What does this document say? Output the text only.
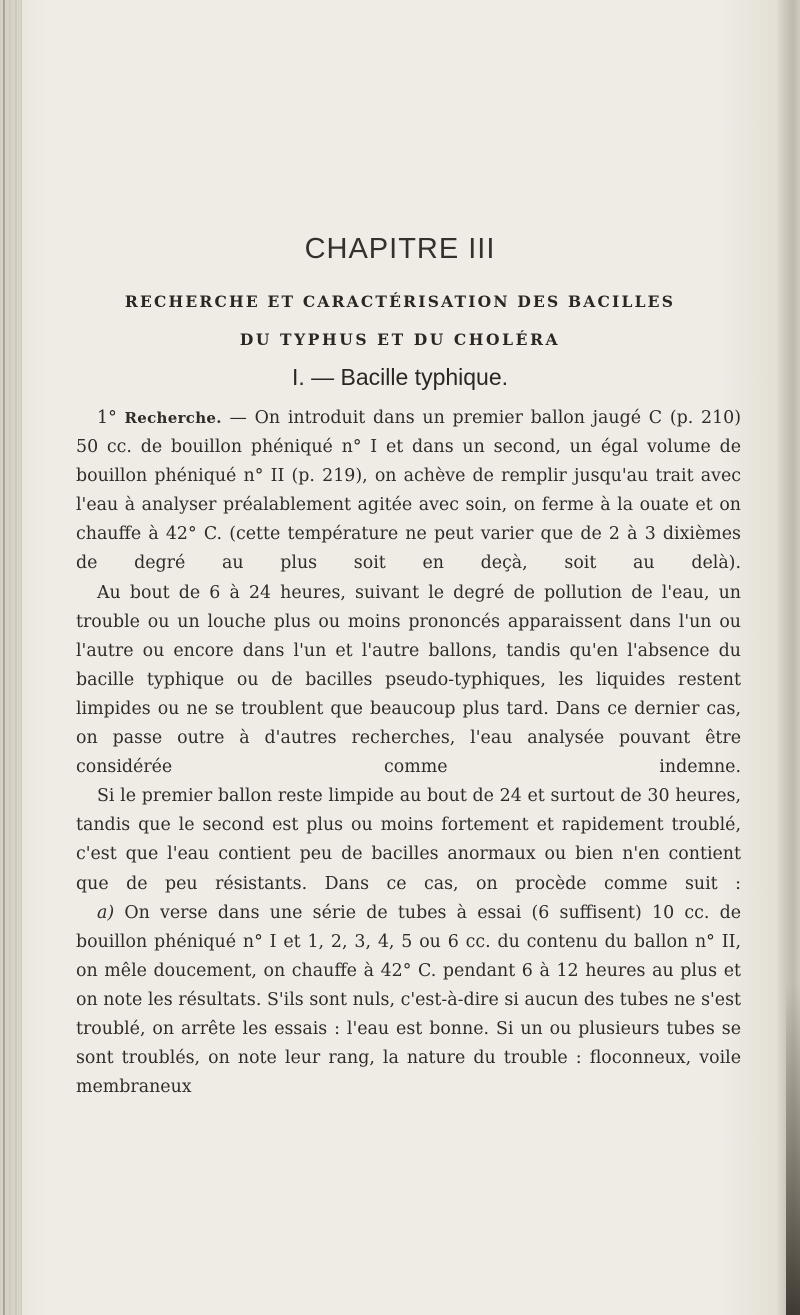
CHAPITRE III
RECHERCHE ET CARACTÉRISATION DES BACILLES
DU TYPHUS ET DU CHOLÉRA
I. — Bacille typhique.

1° Recherche. — On introduit dans un premier ballon jaugé C (p. 210) 50 cc. de bouillon phéniqué n° I et dans un second, un égal volume de bouillon phéniqué n° II (p. 219), on achève de remplir jusqu'au trait avec l'eau à analyser préalablement agitée avec soin, on ferme à la ouate et on chauffe à 42° C. (cette température ne peut varier que de 2 à 3 dixièmes de degré au plus soit en deçà, soit au delà).

Au bout de 6 à 24 heures, suivant le degré de pollution de l'eau, un trouble ou un louche plus ou moins prononcés apparaissent dans l'un ou l'autre ou encore dans l'un et l'autre ballons, tandis qu'en l'absence du bacille typhique ou de bacilles pseudo-typhiques, les liquides restent limpides ou ne se troublent que beaucoup plus tard. Dans ce dernier cas, on passe outre à d'autres recherches, l'eau analysée pouvant être considérée comme indemne.

Si le premier ballon reste limpide au bout de 24 et surtout de 30 heures, tandis que le second est plus ou moins fortement et rapidement troublé, c'est que l'eau contient peu de bacilles anormaux ou bien n'en contient que de peu résistants. Dans ce cas, on procède comme suit :

a) On verse dans une série de tubes à essai (6 suffisent) 10 cc. de bouillon phéniqué n° I et 1, 2, 3, 4, 5 ou 6 cc. du contenu du ballon n° II, on mêle doucement, on chauffe à 42° C. pendant 6 à 12 heures au plus et on note les résultats. S'ils sont nuls, c'est-à-dire si aucun des tubes ne s'est troublé, on arrête les essais : l'eau est bonne. Si un ou plusieurs tubes se sont troublés, on note leur rang, la nature du trouble : floconneux, voile membraneux
